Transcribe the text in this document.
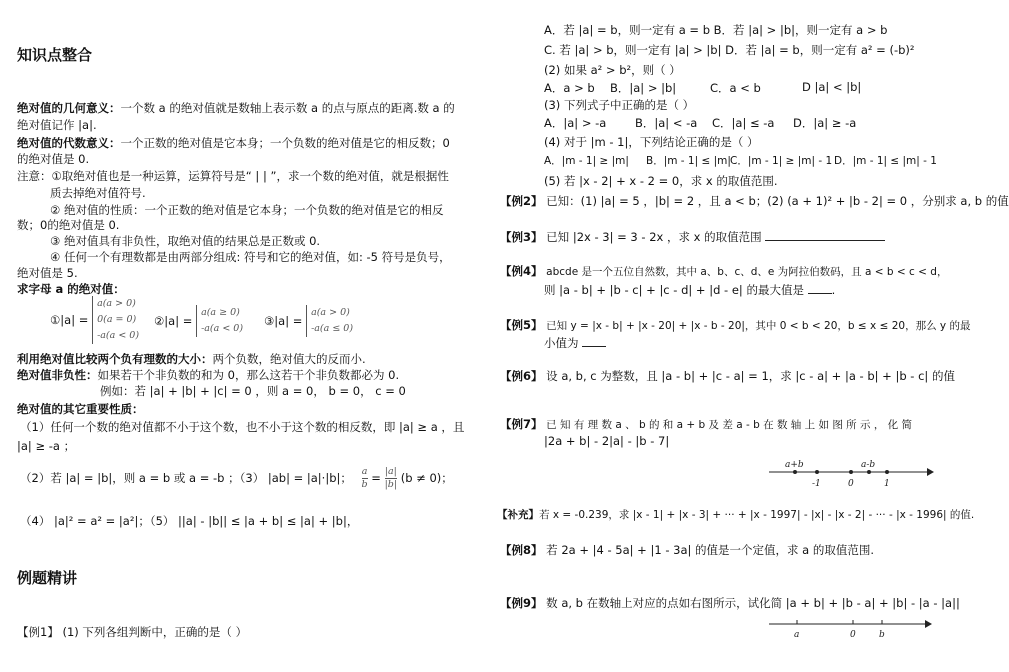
知识点整合
绝对值的几何意义：一个数 a 的绝对值就是数轴上表示数 a 的点与原点的距离.数 a 的
绝对值记作 |a|.
绝对值的代数意义：一个正数的绝对值是它本身；一个负数的绝对值是它的相反数；0
的绝对值是 0.
注意：①取绝对值也是一种运算，运算符号是“ | | ”，求一个数的绝对值，就是根据性
质去掉绝对值符号.
② 绝对值的性质：一个正数的绝对值是它本身；一个负数的绝对值是它的相反
数；0的绝对值是 0.
③ 绝对值具有非负性，取绝对值的结果总是正数或 0.
④ 任何一个有理数都是由两部分组成: 符号和它的绝对值，如: -5 符号是负号，
绝对值是 5.
求字母 a 的绝对值：
①|a| =
a(a > 0)
0(a = 0)
-a(a < 0)
②|a| =
a(a ≥ 0)
-a(a < 0)
③|a| =
a(a > 0)
-a(a ≤ 0)
利用绝对值比较两个负有理数的大小：两个负数，绝对值大的反而小.
绝对值非负性：如果若干个非负数的和为 0，那么这若干个非负数都必为 0.
例如：若 |a| + |b| + |c| = 0 ，则 a = 0， b = 0， c = 0
绝对值的其它重要性质：
（1）任何一个数的绝对值都不小于这个数，也不小于这个数的相反数，即 |a| ≥ a ，且
|a| ≥ -a ；
（2）若 |a| = |b|，则 a = b 或 a = -b ；（3） |ab| = |a|·|b|； $\frac{a}{b} = \frac{|a|}{|b|} (b \ne 0)$；
（4） |a|² = a² = |a²|；（5） ||a| - |b|| ≤ |a + b| ≤ |a| + |b|，
例题精讲
【例1】 (1) 下列各组判断中，正确的是（ ）
A．若 |a| = b，则一定有 a = b B．若 |a| > |b|，则一定有 a > b
C. 若 |a| > b，则一定有 |a| > |b| D．若 |a| = b，则一定有 a² = (-b)²
(2) 如果 a² > b²，则（ ）
A．a > b B．|a| > |b|	C．a < b	D |a| < |b|
(3) 下列式子中正确的是（ ）
A．|a| > -a B．|a| < -a C．|a| ≤ -a D．|a| ≥ -a
(4) 对于 |m - 1|，下列结论正确的是（ ）
A．|m - 1| ≥ |m| B．|m - 1| ≤ |m| C．|m - 1| ≥ |m| - 1 D．|m - 1| ≤ |m| - 1
(5) 若 |x - 2| + x - 2 = 0，求 x 的取值范围.
【例2】 已知：(1) |a| = 5 ，|b| = 2 ，且 a < b；(2) (a + 1)² + |b - 2| = 0 ，分别求 a, b 的值
【例3】 已知 |2x - 3| = 3 - 2x ，求 x 的取值范围
【例4】 abcde 是一个五位自然数，其中 a、b、c、d、e 为阿拉伯数码，且 a < b < c < d，
则 |a - b| + |b - c| + |c - d| + |d - e| 的最大值是 .
【例5】 已知 y = |x - b| + |x - 20| + |x - b - 20|，其中 0 < b < 20，b ≤ x ≤ 20，那么 y 的最
小值为
【例6】 设 a, b, c 为整数，且 |a - b| + |c - a| = 1，求 |c - a| + |a - b| + |b - c| 的值
【例7】 已 知 有 理 数 a 、 b 的 和 a + b 及 差 a - b 在 数 轴 上 如 图 所 示 ， 化 简
|2a + b| - 2|a| - |b - 7|
a+b
-1	0
a-b
1
【补充】若 x = -0.239，求 |x - 1| + |x - 3| + ··· + |x - 1997| - |x| - |x - 2| - ··· - |x - 1996| 的值.
【例8】 若 2a + |4 - 5a| + |1 - 3a| 的值是一个定值，求 a 的取值范围.
【例9】 数 a, b 在数轴上对应的点如右图所示，试化简 |a + b| + |b - a| + |b| - |a - |a||
a	0	b
